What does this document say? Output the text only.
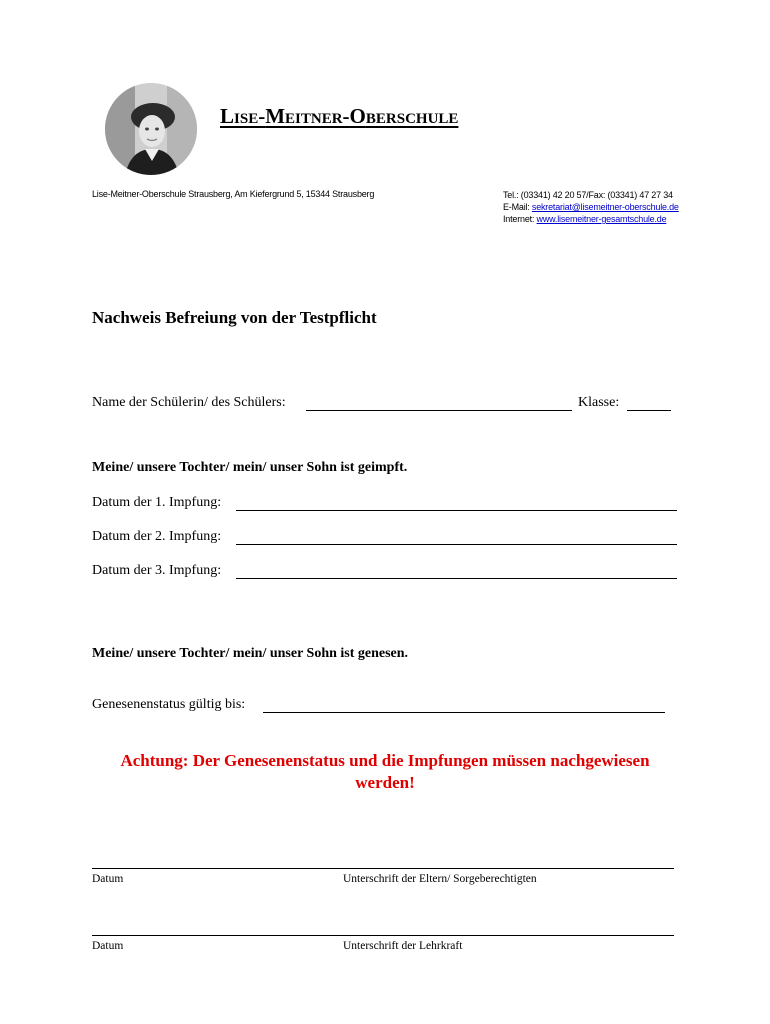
Lise-Meitner-Oberschule
Lise-Meitner-Oberschule Strausberg, Am Kiefergrund 5, 15344 Strausberg	Tel.: (03341) 42 20 57/Fax: (03341) 47 27 34
E-Mail: sekretariat@lisemeitner-oberschule.de
Internet: www.lisemeitner-gesamtschule.de
Nachweis Befreiung von der Testpflicht
Name der Schülerin/ des Schülers:	Klasse:
Meine/ unsere Tochter/ mein/ unser Sohn ist geimpft.
Datum der 1. Impfung:
Datum der 2. Impfung:
Datum der 3. Impfung:
Meine/ unsere Tochter/ mein/ unser Sohn ist genesen.
Genesenenstatus gültig bis:
Achtung: Der Genesenenstatus und die Impfungen müssen nachgewiesen werden!
Datum	Unterschrift der Eltern/ Sorgeberechtigten
Datum	Unterschrift der Lehrkraft
